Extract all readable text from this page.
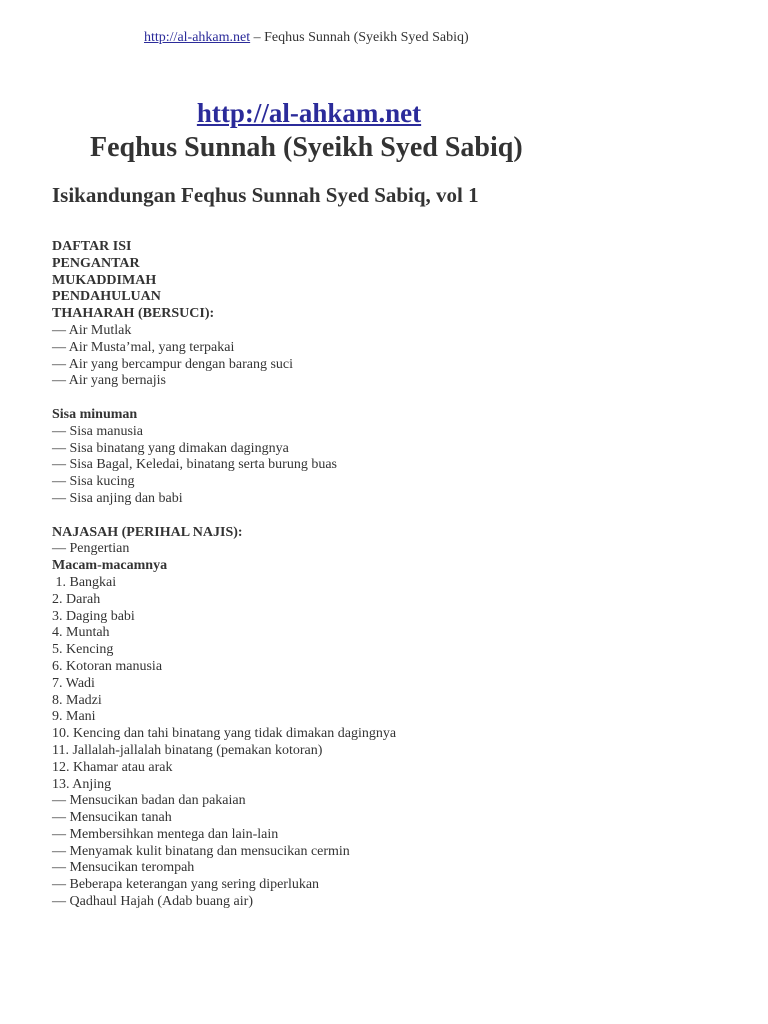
http://al-ahkam.net – Feqhus Sunnah (Syeikh Syed Sabiq)
http://al-ahkam.net
Feqhus Sunnah (Syeikh Syed Sabiq)
Isikandungan Feqhus Sunnah Syed Sabiq, vol 1
DAFTAR ISI
PENGANTAR
MUKADDIMAH
PENDAHULUAN
THAHARAH (BERSUCI):
— Air Mutlak
— Air Musta’mal, yang terpakai
— Air yang bercampur dengan barang suci
— Air yang bernajis
Sisa minuman
— Sisa manusia
— Sisa binatang yang dimakan dagingnya
— Sisa Bagal, Keledai, binatang serta burung buas
— Sisa kucing
— Sisa anjing dan babi
NAJASAH (PERIHAL NAJIS):
— Pengertian
Macam-macamnya
1. Bangkai
2. Darah
3. Daging babi
4. Muntah
5. Kencing
6. Kotoran manusia
7. Wadi
8. Madzi
9. Mani
10. Kencing dan tahi binatang yang tidak dimakan dagingnya
11. Jallalah-jallalah binatang (pemakan kotoran)
12. Khamar atau arak
13. Anjing
— Mensucikan badan dan pakaian
— Mensucikan tanah
— Membersihkan mentega dan lain-lain
— Menyamak kulit binatang dan mensucikan cermin
— Mensucikan terompah
— Beberapa keterangan yang sering diperlukan
— Qadhaul Hajah (Adab buang air)
